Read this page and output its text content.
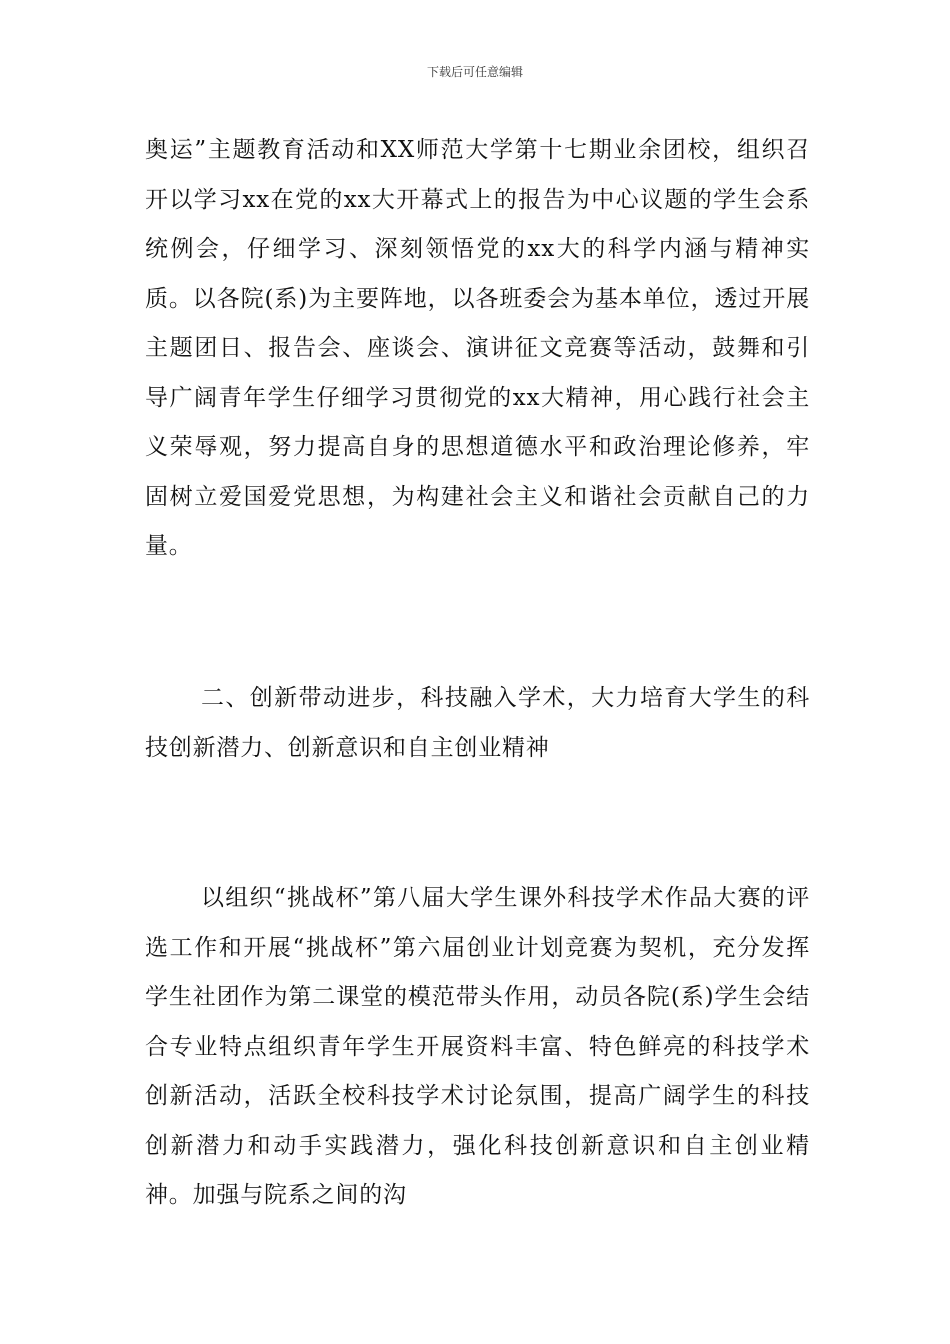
下载后可任意编辑

奥运”主题教育活动和XX师范大学第十七期业余团校，组织召开以学习xx在党的xx大开幕式上的报告为中心议题的学生会系统例会，仔细学习、深刻领悟党的xx大的科学内涵与精神实质。以各院(系)为主要阵地，以各班委会为基本单位，透过开展主题团日、报告会、座谈会、演讲征文竞赛等活动，鼓舞和引导广阔青年学生仔细学习贯彻党的xx大精神，用心践行社会主义荣辱观，努力提高自身的思想道德水平和政治理论修养，牢固树立爱国爱党思想，为构建社会主义和谐社会贡献自己的力量。

二、创新带动进步，科技融入学术，大力培育大学生的科技创新潜力、创新意识和自主创业精神

以组织“挑战杯”第八届大学生课外科技学术作品大赛的评选工作和开展“挑战杯”第六届创业计划竞赛为契机，充分发挥学生社团作为第二课堂的模范带头作用，动员各院(系)学生会结合专业特点组织青年学生开展资料丰富、特色鲜亮的科技学术创新活动，活跃全校科技学术讨论氛围，提高广阔学生的科技创新潜力和动手实践潜力，强化科技创新意识和自主创业精神。加强与院系之间的沟
